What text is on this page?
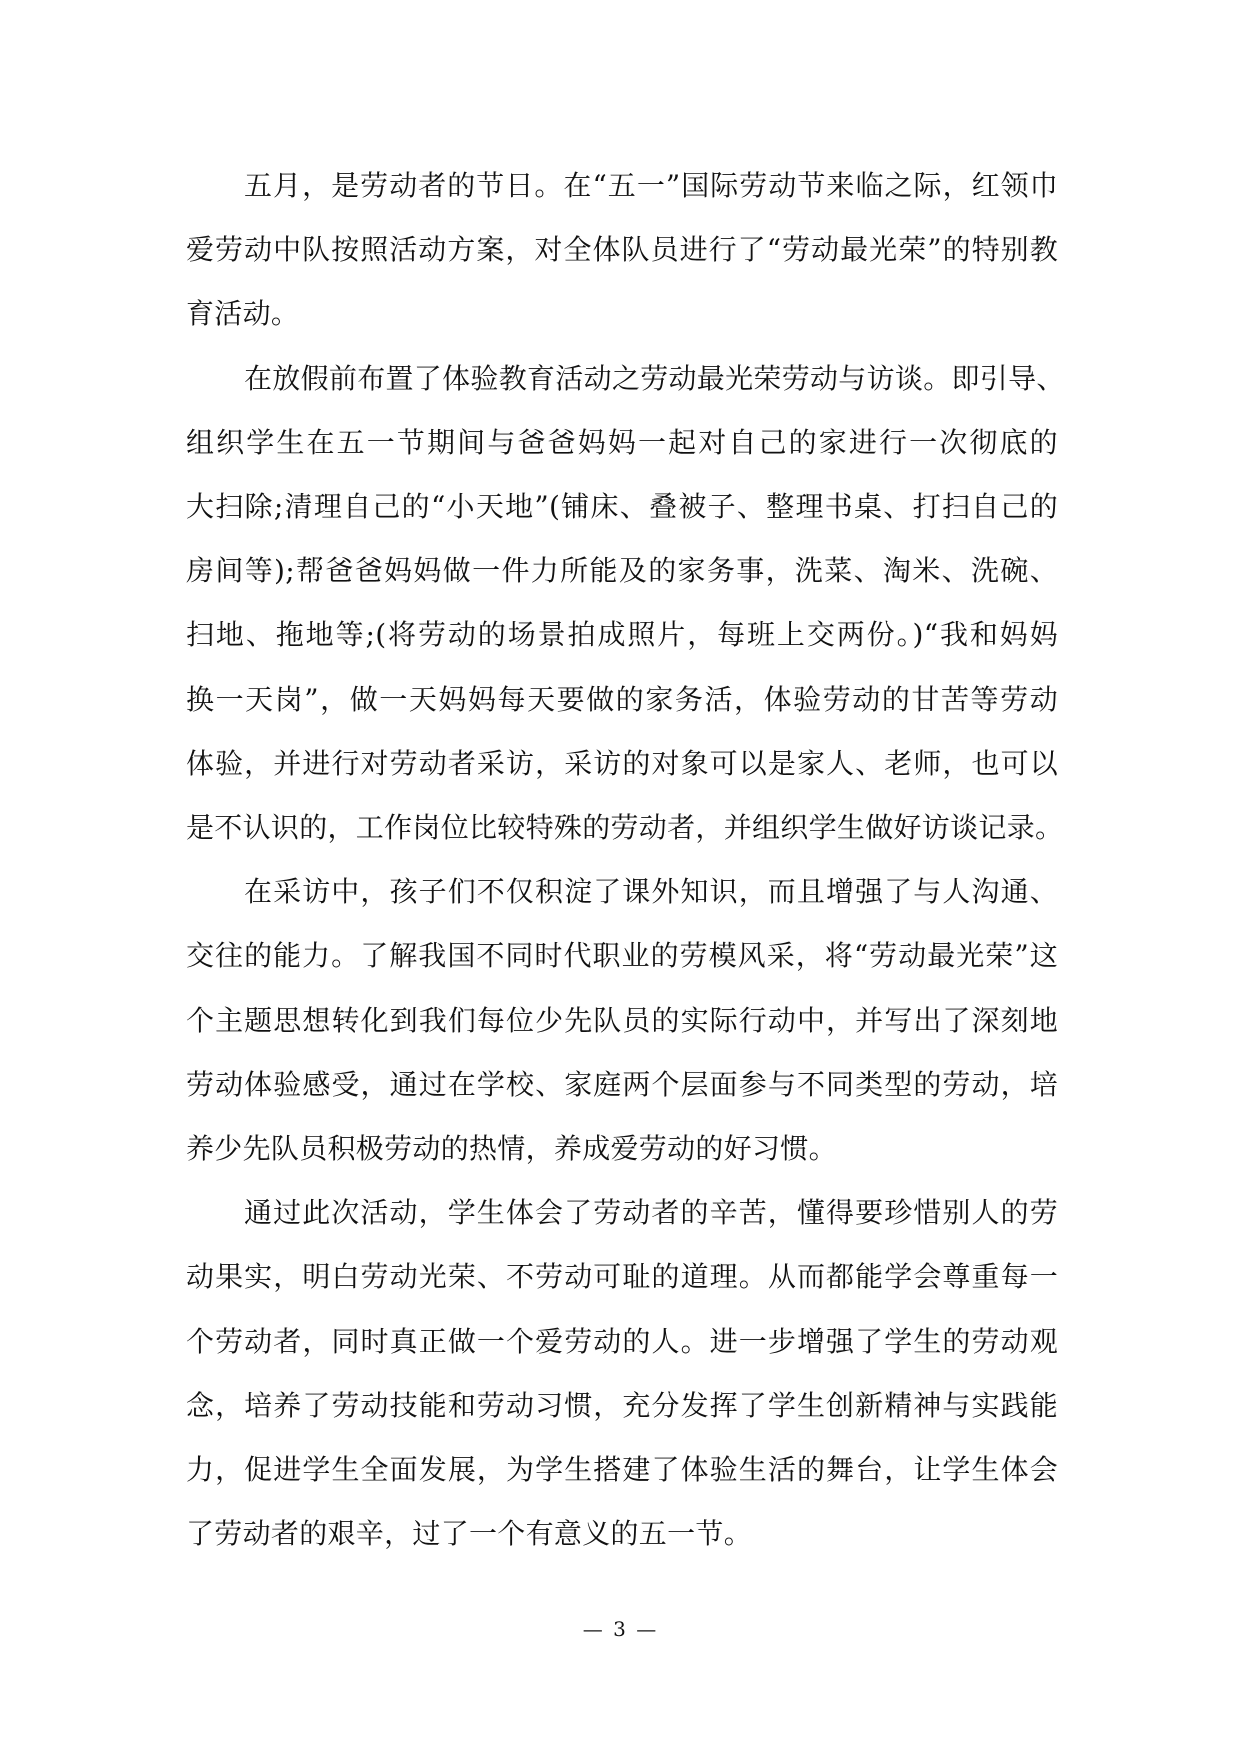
五月，是劳动者的节日。在“五一”国际劳动节来临之际，红领巾
爱劳动中队按照活动方案，对全体队员进行了“劳动最光荣”的特别教
育活动。

在放假前布置了体验教育活动之劳动最光荣劳动与访谈。即引导、
组织学生在五一节期间与爸爸妈妈一起对自己的家进行一次彻底的
大扫除;清理自己的“小天地”(铺床、叠被子、整理书桌、打扫自己的
房间等);帮爸爸妈妈做一件力所能及的家务事，洗菜、淘米、洗碗、
扫地、拖地等;(将劳动的场景拍成照片，每班上交两份。)“我和妈妈
换一天岗”，做一天妈妈每天要做的家务活，体验劳动的甘苦等劳动
体验，并进行对劳动者采访，采访的对象可以是家人、老师，也可以
是不认识的，工作岗位比较特殊的劳动者，并组织学生做好访谈记录。

在采访中，孩子们不仅积淀了课外知识，而且增强了与人沟通、
交往的能力。了解我国不同时代职业的劳模风采，将“劳动最光荣”这
个主题思想转化到我们每位少先队员的实际行动中，并写出了深刻地
劳动体验感受，通过在学校、家庭两个层面参与不同类型的劳动，培
养少先队员积极劳动的热情，养成爱劳动的好习惯。

通过此次活动，学生体会了劳动者的辛苦，懂得要珍惜别人的劳
动果实，明白劳动光荣、不劳动可耻的道理。从而都能学会尊重每一
个劳动者，同时真正做一个爱劳动的人。进一步增强了学生的劳动观
念，培养了劳动技能和劳动习惯，充分发挥了学生创新精神与实践能
力，促进学生全面发展，为学生搭建了体验生活的舞台，让学生体会
了劳动者的艰辛，过了一个有意义的五一节。

— 3 —
